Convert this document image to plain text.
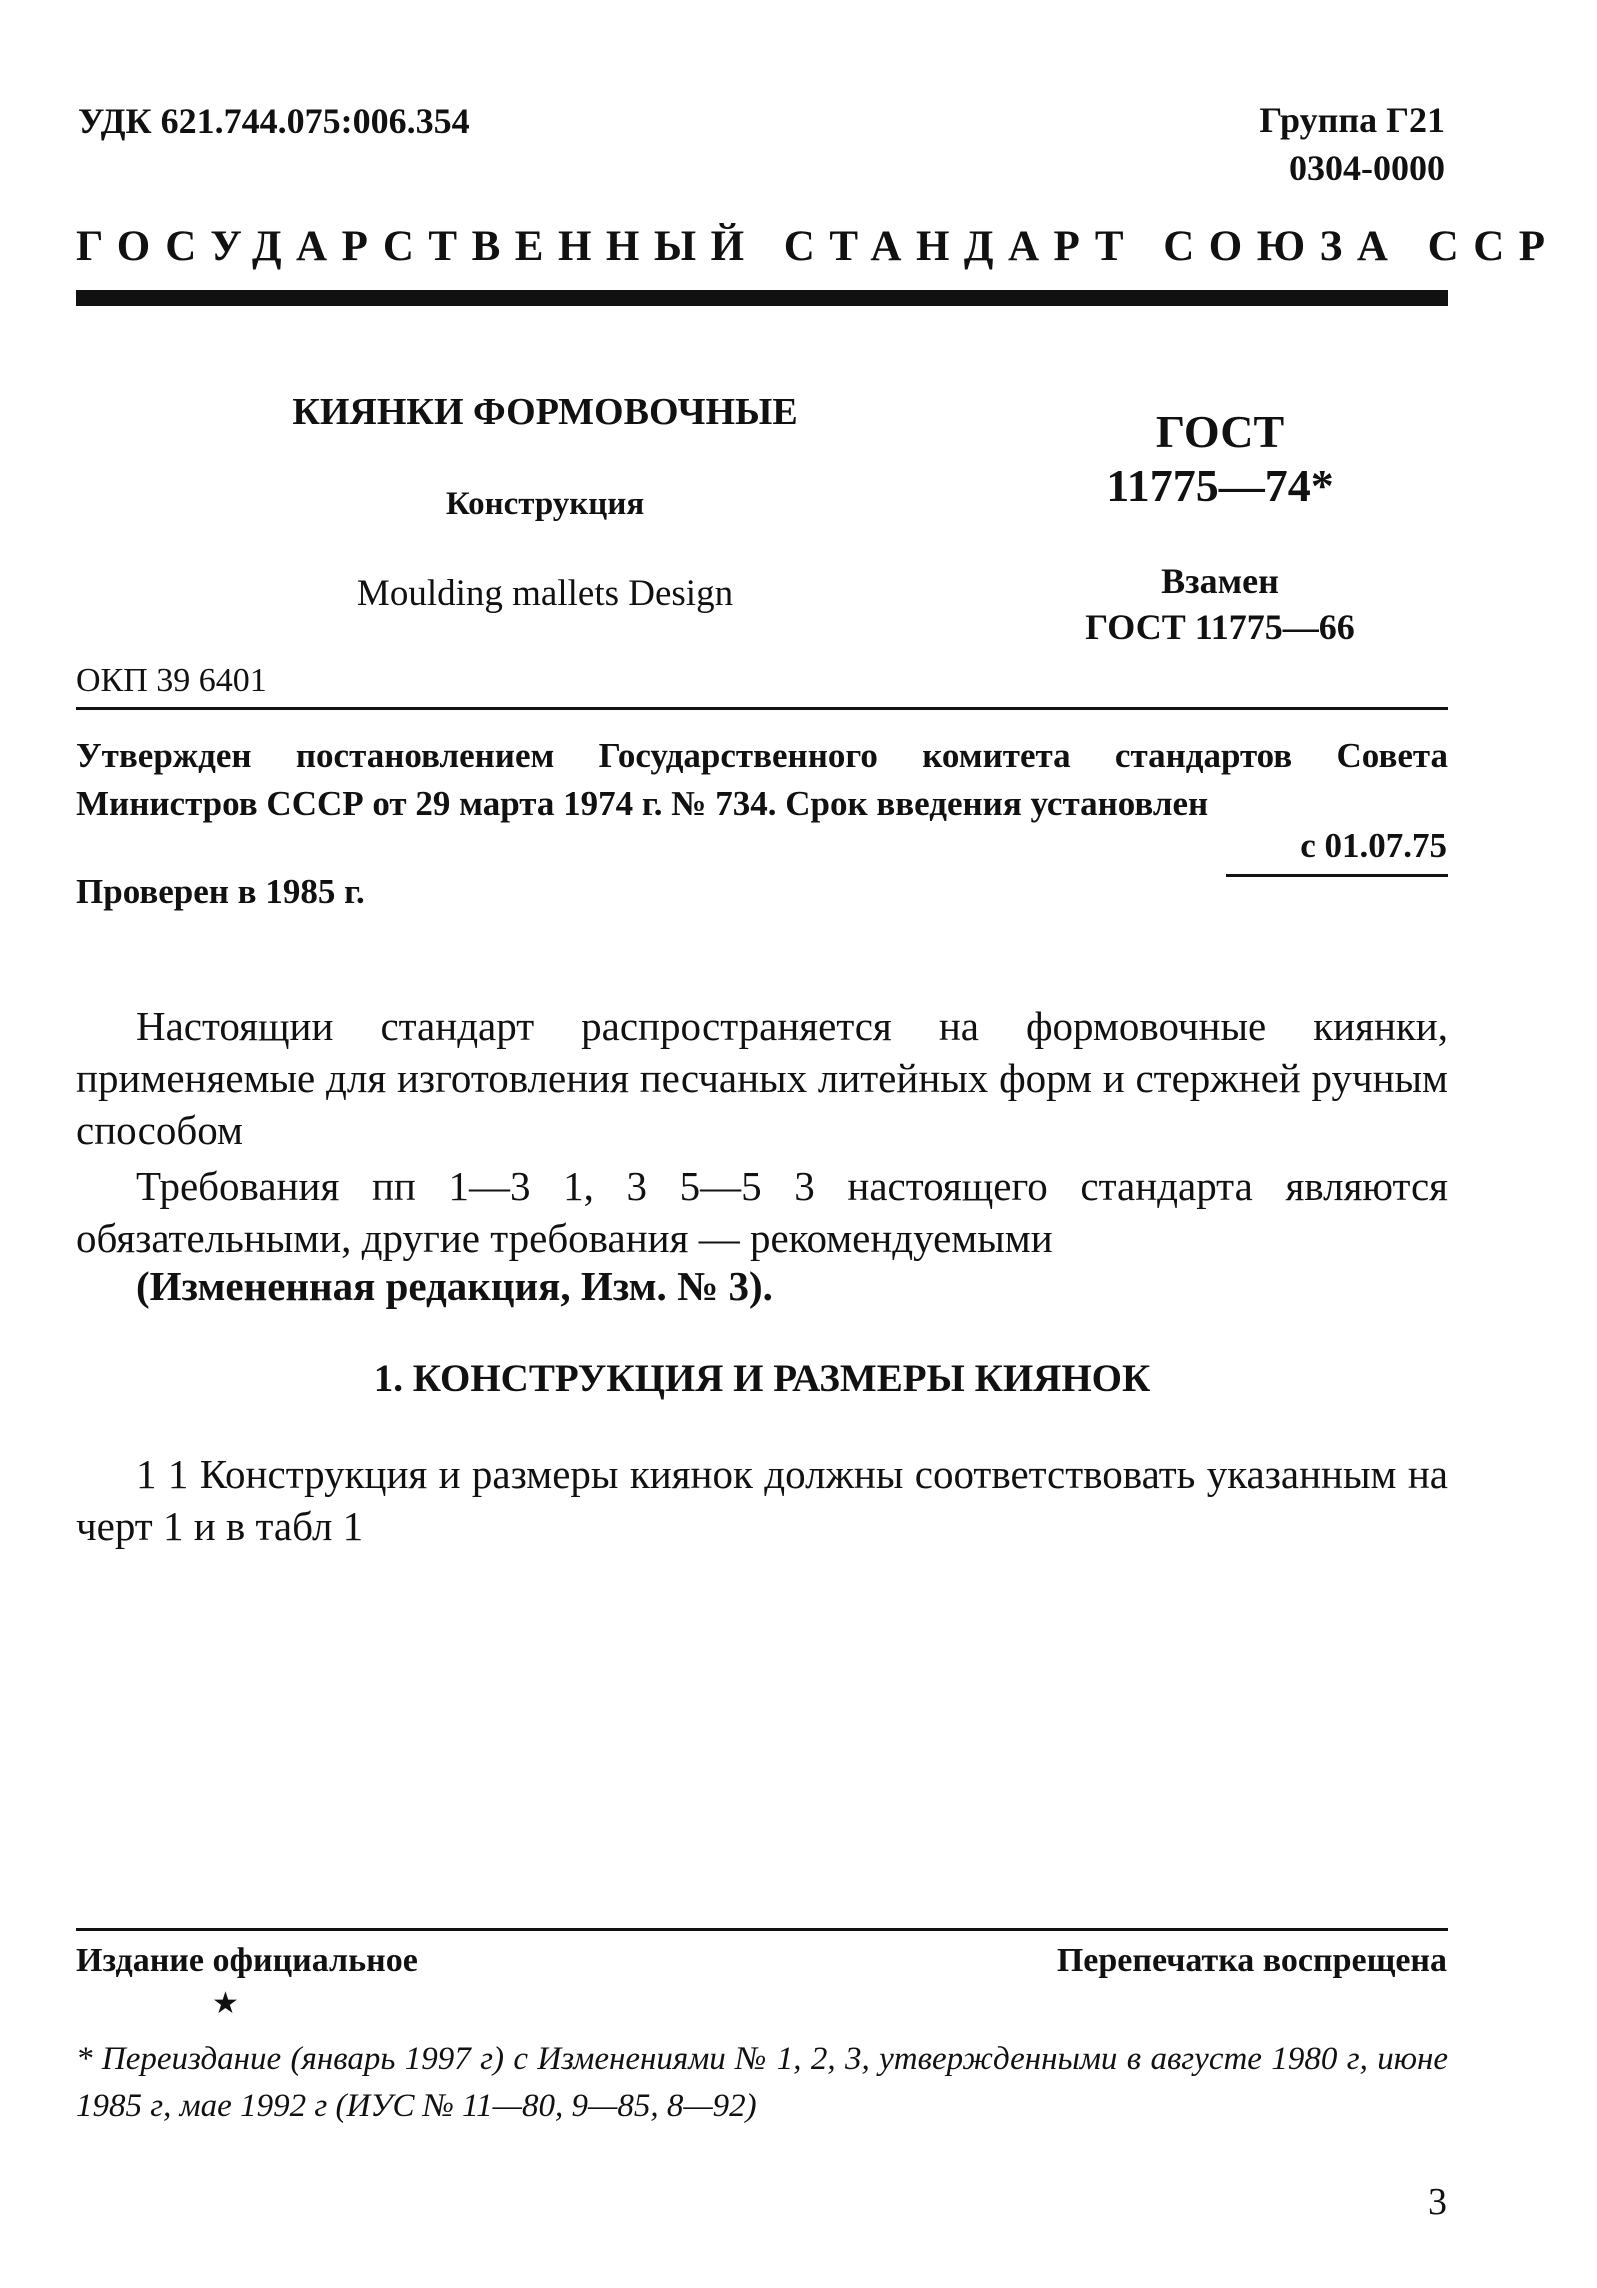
УДК 621.744.075:006.354	Группа Г21
0304-0000
ГОСУДАРСТВЕННЫЙ СТАНДАРТ СОЮЗА ССР
КИЯНКИ ФОРМОВОЧНЫЕ
Конструкция
Moulding mallets Design
ГОСТ
11775—74*
Взамен
ГОСТ 11775—66
ОКП 39 6401
Утвержден постановлением Государственного комитета стандартов Совета Министров СССР от 29 марта 1974 г. № 734. Срок введения установлен
с 01.07.75
Проверен в 1985 г.
Настоящии стандарт распространяется на формовочные киянки, применяемые для изготовления песчаных литейных форм и стержней ручным способом
Требования пп 1—3 1, 3 5—5 3 настоящего стандарта являются обязательными, другие требования — рекомендуемыми
(Измененная редакция, Изм. № 3).
1. КОНСТРУКЦИЯ И РАЗМЕРЫ КИЯНОК
1 1 Конструкция и размеры киянок должны соответствовать указанным на черт 1 и в табл 1
Издание официальное	Перепечатка воспрещена
★
* Переиздание (январь 1997 г) с Изменениями № 1, 2, 3, утвержденными в августе 1980 г, июне 1985 г, мае 1992 г (ИУС № 11—80, 9—85, 8—92)
3
